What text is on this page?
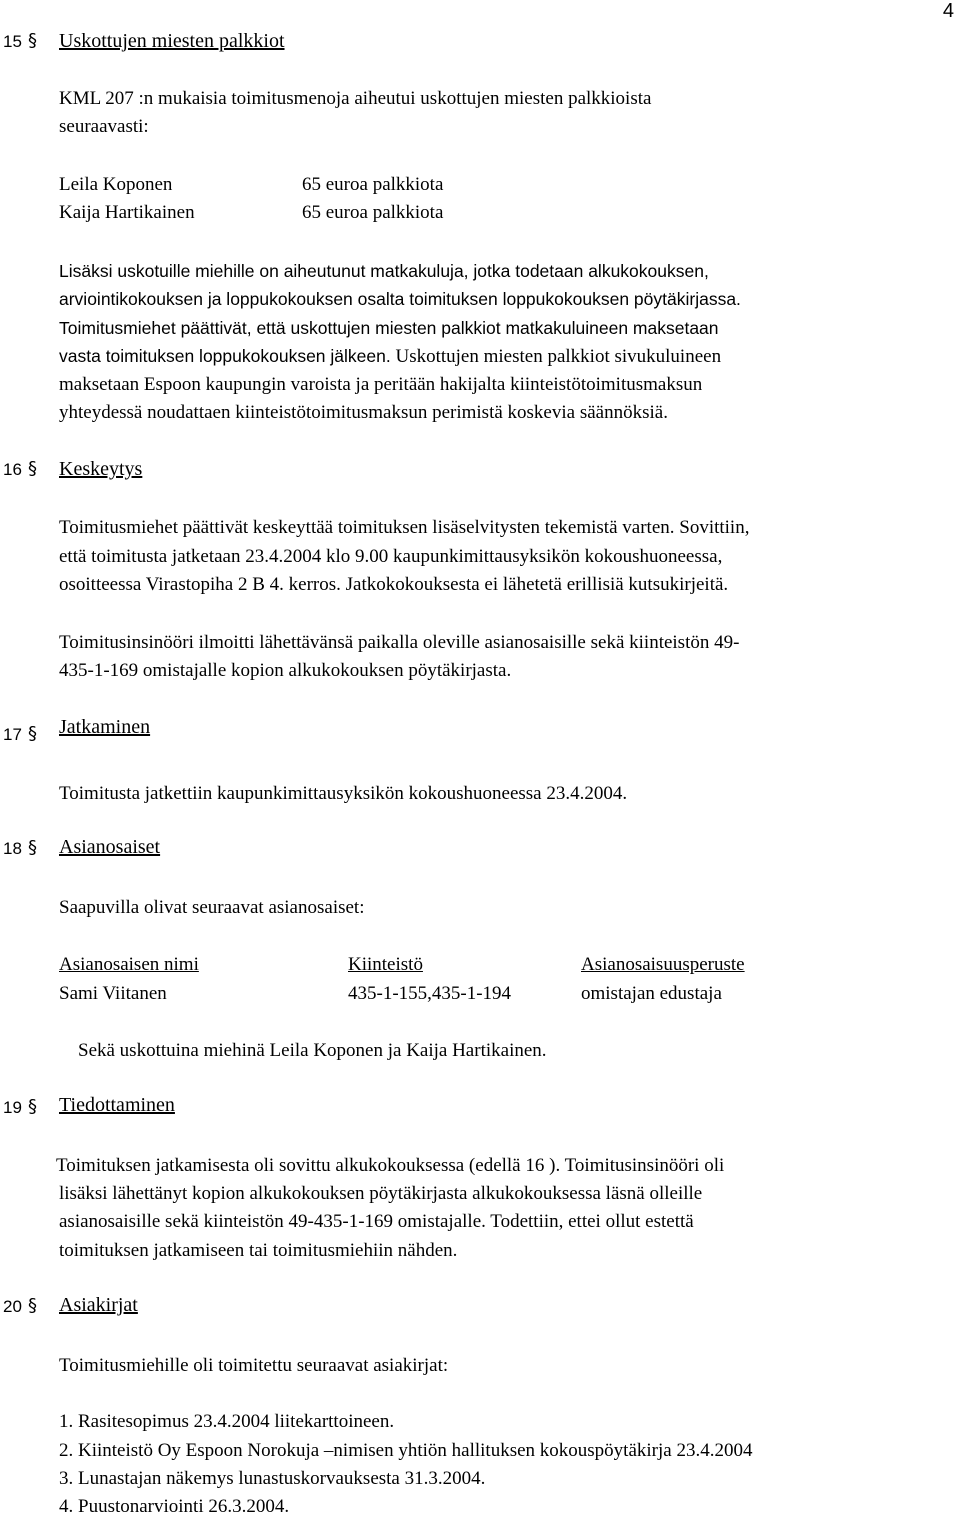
4
15 § Uskottujen miesten palkkiot
KML 207 :n mukaisia toimitusmenoja aiheutui uskottujen miesten palkkioista
seuraavasti:
Leila Koponen	65 euroa palkkiota
Kaija Hartikainen	65 euroa palkkiota
Lisäksi uskotuille miehille on aiheutunut matkakuluja, jotka todetaan alkukokouksen,
arviointikokouksen ja loppukokouksen osalta toimituksen loppukokouksen pöytäkirjassa.
Toimitusmiehet päättivät, että uskottujen miesten palkkiot matkakuluineen maksetaan
vasta toimituksen loppukokouksen jälkeen. Uskottujen miesten palkkiot sivukuluineen
maksetaan Espoon kaupungin varoista ja peritään hakijalta kiinteistötoimitusmaksun
yhteydessä noudattaen kiinteistötoimitusmaksun perimistä koskevia säännöksiä.
16 § Keskeytys
Toimitusmiehet päättivät keskeyttää toimituksen lisäselvitysten tekemistä varten. Sovittiin,
että toimitusta jatketaan 23.4.2004 klo 9.00 kaupunkimittausyksikön kokoushuoneessa,
osoitteessa Virastopiha 2 B 4. kerros. Jatkokokouksesta ei lähetetä erillisiä kutsukirjeitä.
Toimitusinsinööri ilmoitti lähettävänsä paikalla oleville asianosaisille sekä kiinteistön 49-
435-1-169 omistajalle kopion alkukokouksen pöytäkirjasta.
17 § Jatkaminen
Toimitusta jatkettiin kaupunkimittausyksikön kokoushuoneessa 23.4.2004.
18 § Asianosaiset
Saapuvilla olivat seuraavat asianosaiset:
Asianosaisen nimi	Kiinteistö	Asianosaisuusperuste
Sami Viitanen	435-1-155,435-1-194	omistajan edustaja
Sekä uskottuina miehinä Leila Koponen ja Kaija Hartikainen.
19 § Tiedottaminen
Toimituksen jatkamisesta oli sovittu alkukokouksessa (edellä 16 ). Toimitusinsinööri oli
lisäksi lähettänyt kopion alkukokouksen pöytäkirjasta alkukokouksessa läsnä olleille
asianosaisille sekä kiinteistön 49-435-1-169 omistajalle. Todettiin, ettei ollut estettä
toimituksen jatkamiseen tai toimitusmiehiin nähden.
20 § Asiakirjat
Toimitusmiehille oli toimitettu seuraavat asiakirjat:
1. Rasitesopimus 23.4.2004 liitekarttoineen.
2. Kiinteistö Oy Espoon Norokuja –nimisen yhtiön hallituksen kokouspöytäkirja 23.4.2004
3. Lunastajan näkemys lunastuskorvauksesta 31.3.2004.
4. Puustonarviointi 26.3.2004.
